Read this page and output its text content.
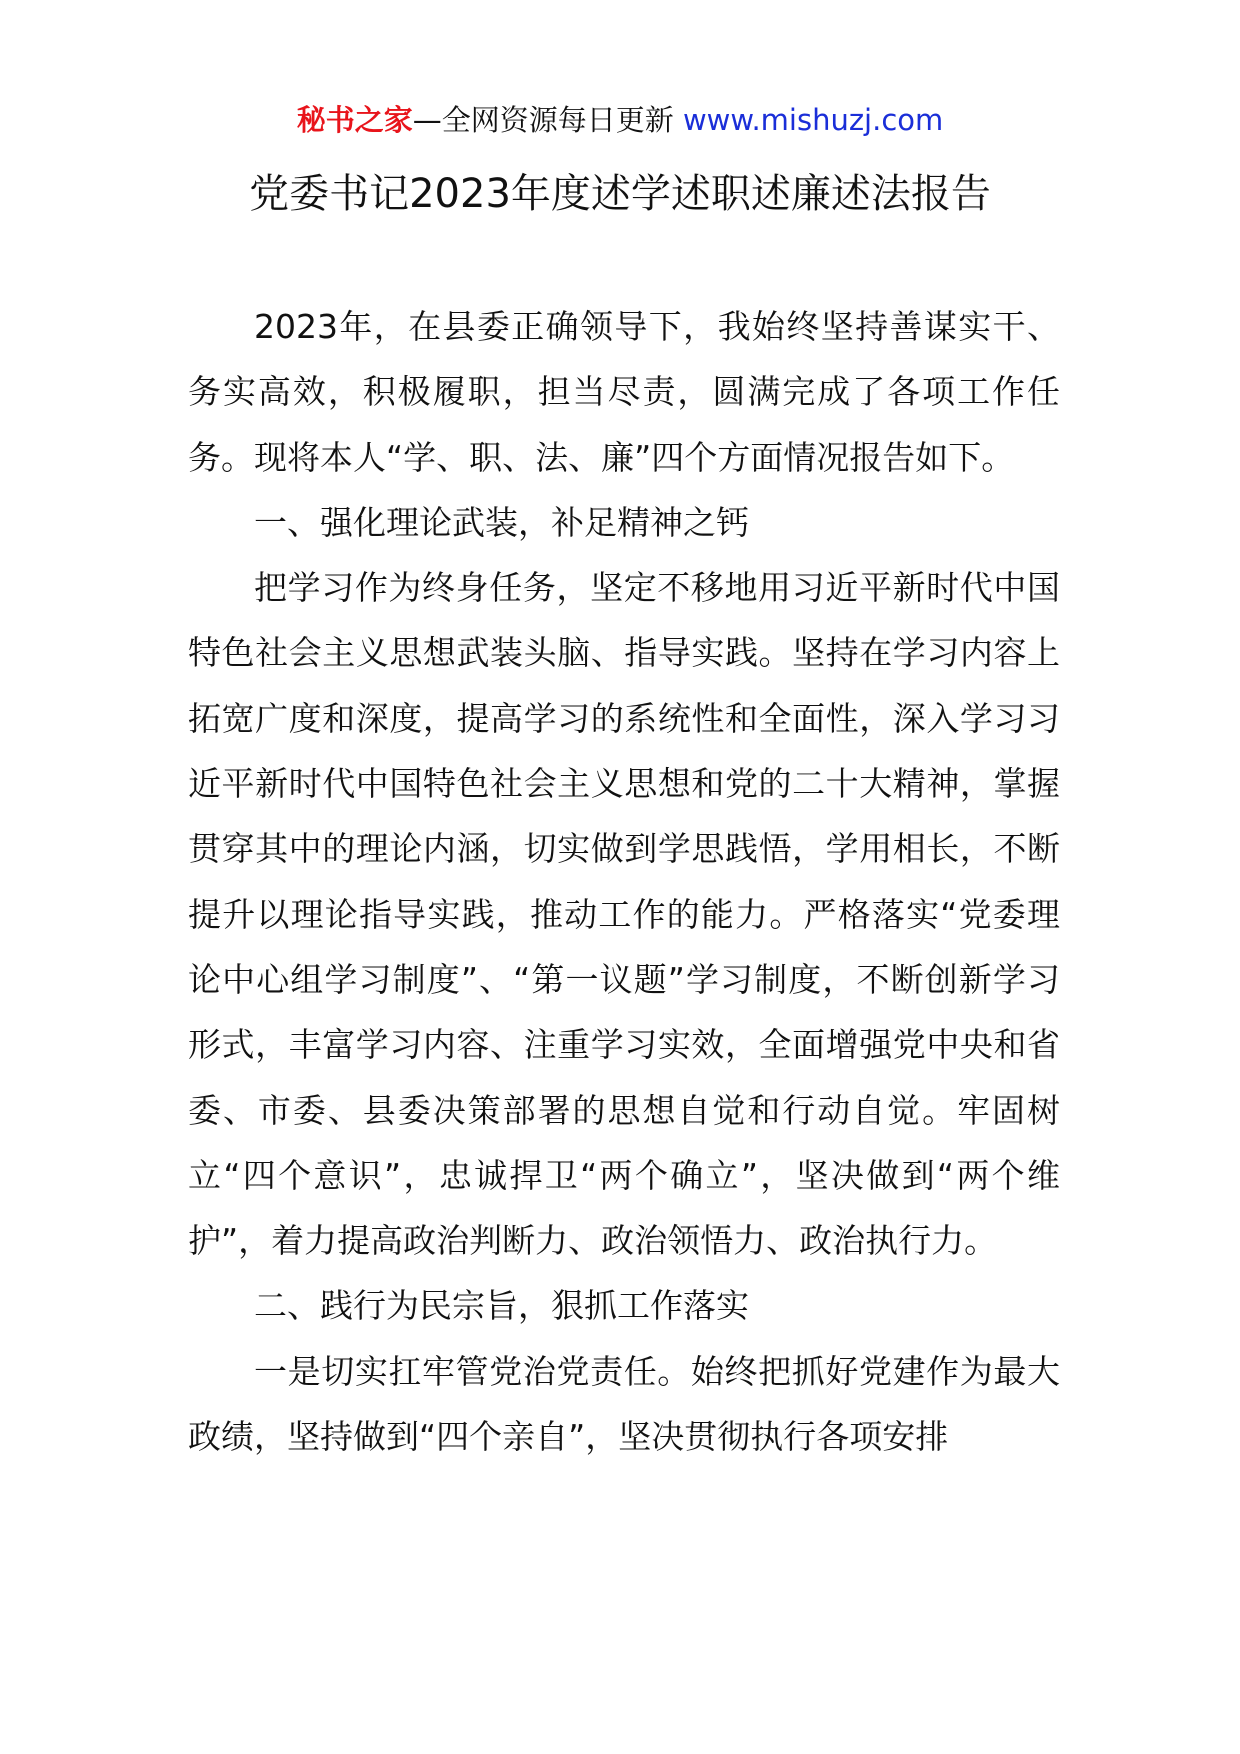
秘书之家—全网资源每日更新 www.mishuzj.com
党委书记2023年度述学述职述廉述法报告

2023年，在县委正确领导下，我始终坚持善谋实干、务实高效，积极履职，担当尽责，圆满完成了各项工作任务。现将本人“学、职、法、廉”四个方面情况报告如下。

一、强化理论武装，补足精神之钙

把学习作为终身任务，坚定不移地用习近平新时代中国特色社会主义思想武装头脑、指导实践。坚持在学习内容上拓宽广度和深度，提高学习的系统性和全面性，深入学习习近平新时代中国特色社会主义思想和党的二十大精神，掌握贯穿其中的理论内涵，切实做到学思践悟，学用相长，不断提升以理论指导实践，推动工作的能力。严格落实“党委理论中心组学习制度”、“第一议题”学习制度，不断创新学习形式，丰富学习内容、注重学习实效，全面增强党中央和省委、市委、县委决策部署的思想自觉和行动自觉。牢固树立“四个意识”，忠诚捍卫“两个确立”，坚决做到“两个维护”，着力提高政治判断力、政治领悟力、政治执行力。

二、践行为民宗旨，狠抓工作落实

一是切实扛牢管党治党责任。始终把抓好党建作为最大政绩，坚持做到“四个亲自”，坚决贯彻执行各项安排
